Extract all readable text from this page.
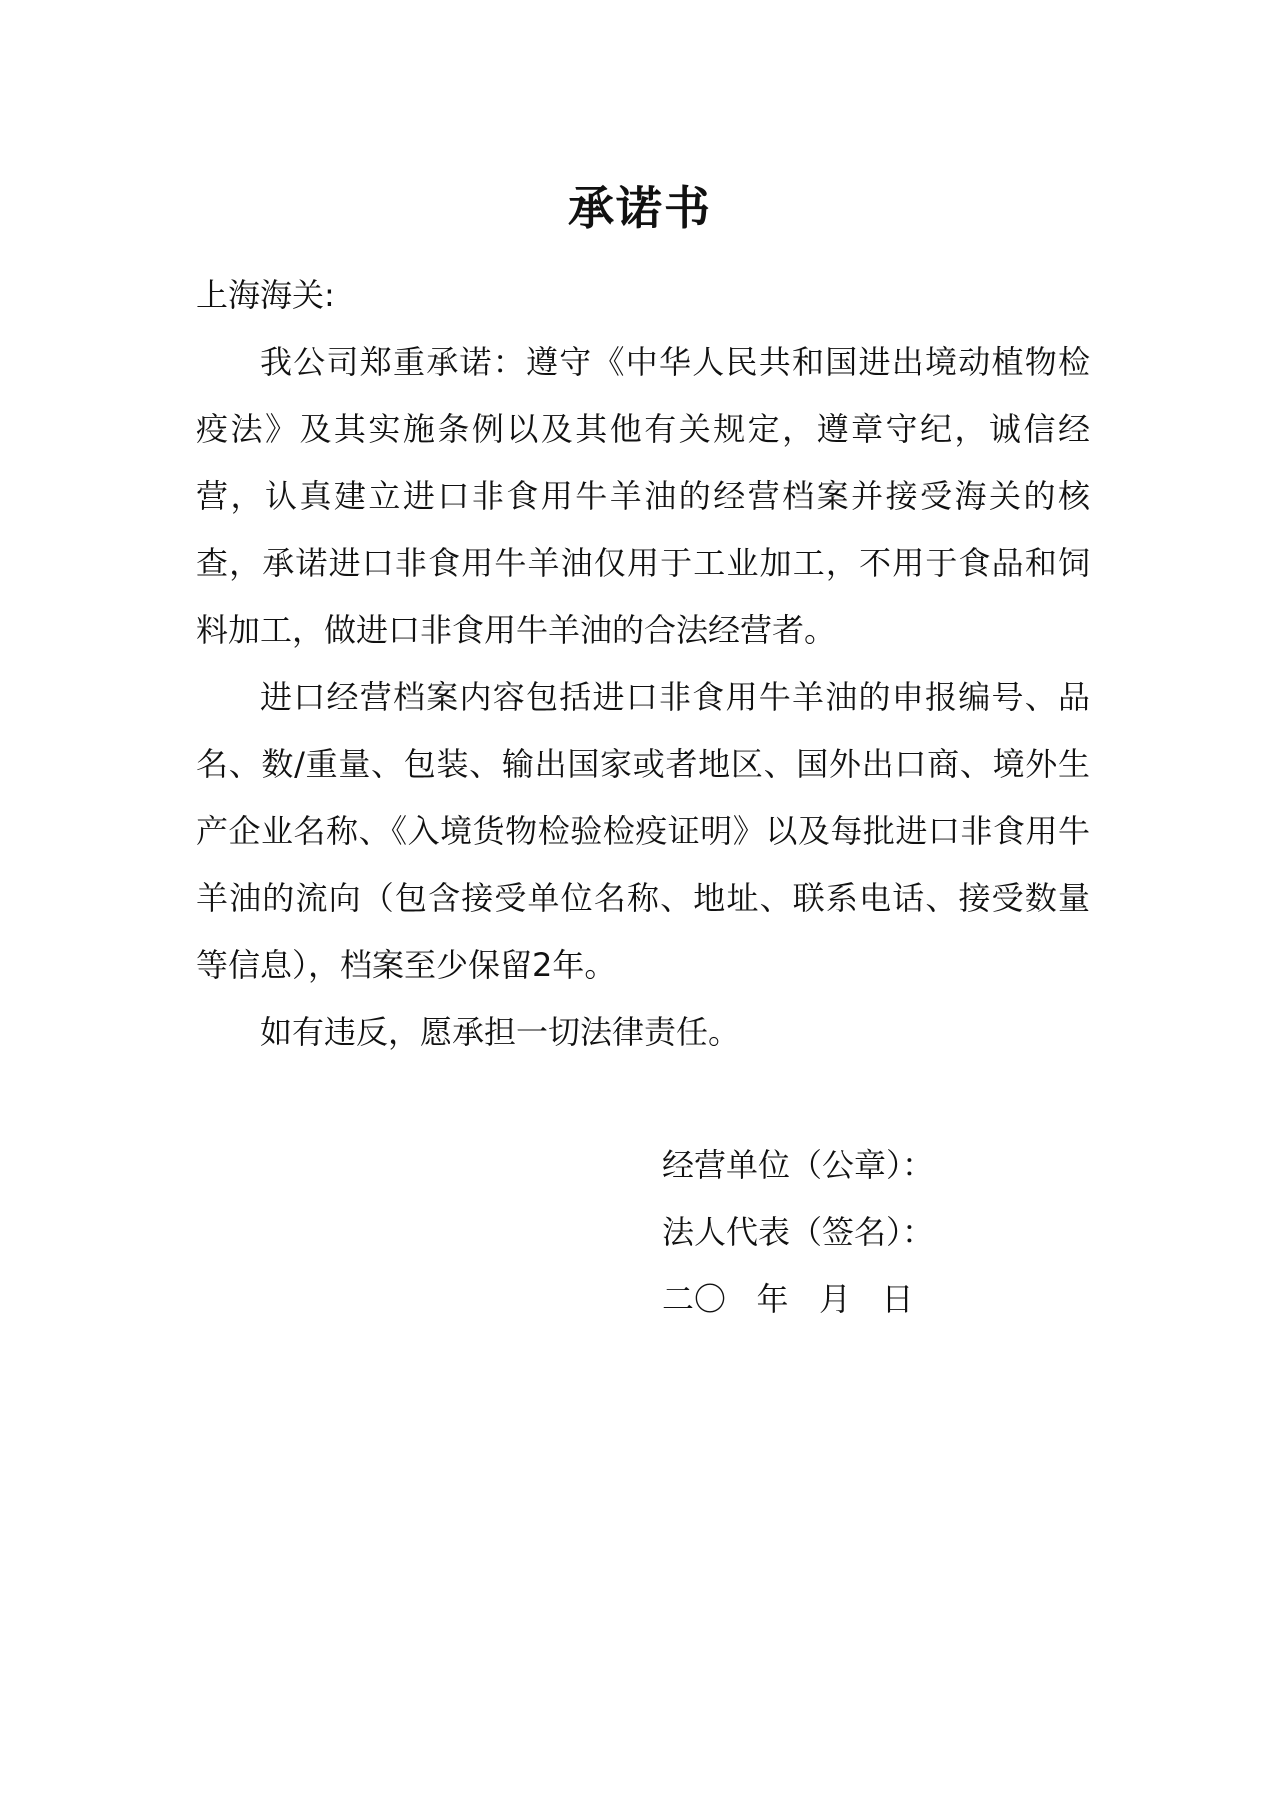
承诺书

上海海关:

我公司郑重承诺：遵守《中华人民共和国进出境动植物检疫法》及其实施条例以及其他有关规定，遵章守纪，诚信经营，认真建立进口非食用牛羊油的经营档案并接受海关的核查，承诺进口非食用牛羊油仅用于工业加工，不用于食品和饲料加工，做进口非食用牛羊油的合法经营者。

进口经营档案内容包括进口非食用牛羊油的申报编号、品名、数/重量、包装、输出国家或者地区、国外出口商、境外生产企业名称、《入境货物检验检疫证明》以及每批进口非食用牛羊油的流向（包含接受单位名称、地址、联系电话、接受数量等信息），档案至少保留2年。

如有违反，愿承担一切法律责任。

经营单位（公章）：
法人代表（签名）：
二〇   年   月   日
